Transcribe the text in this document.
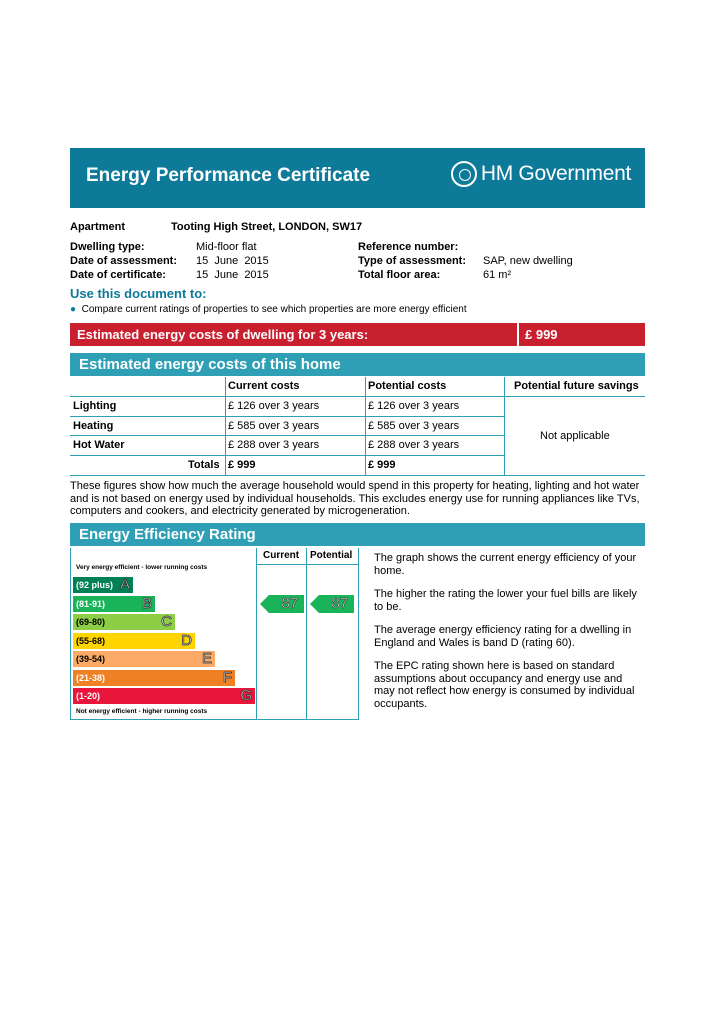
Energy Performance Certificate	HM Government
Apartment	Tooting High Street, LONDON, SW17
Dwelling type:	Mid-floor flat
Date of assessment: 15  June  2015
Date of certificate:	15  June  2015
Reference number:
Type of assessment: SAP, new dwelling
Total floor area:	61 m²
Use this document to:
● Compare current ratings of properties to see which properties are more energy efficient
Estimated energy costs of dwelling for 3 years:	£ 999
Estimated energy costs of this home
Current costs	Potential costs	Potential future savings
Lighting	£ 126 over 3 years	£ 126 over 3 years
Heating	£ 585 over 3 years	£ 585 over 3 years
Hot Water	£ 288 over 3 years	£ 288 over 3 years
Not applicable
Totals £ 999	£ 999
These figures show how much the average household would spend in this property for heating, lighting and hot water and is not based on energy used by individual households. This excludes energy use for running appliances like TVs, computers and cookers, and electricity generated by microgeneration.
Energy Efficiency Rating
Current Potential
Very energy efficient - lower running costs
Not energy efficient - higher running costs
(92 plus) A
(81-91) B
(69-80)	C
(55-68)	D
(39-54)	E
(21-38)	F
(1-20)	G
87 87
The graph shows the current energy efficiency of your home.
The higher the rating the lower your fuel bills are likely to be.
The average energy efficiency rating for a dwelling in England and Wales is band D (rating 60).
The EPC rating shown here is based on standard assumptions about occupancy and energy use and may not reflect how energy is consumed by individual occupants.
